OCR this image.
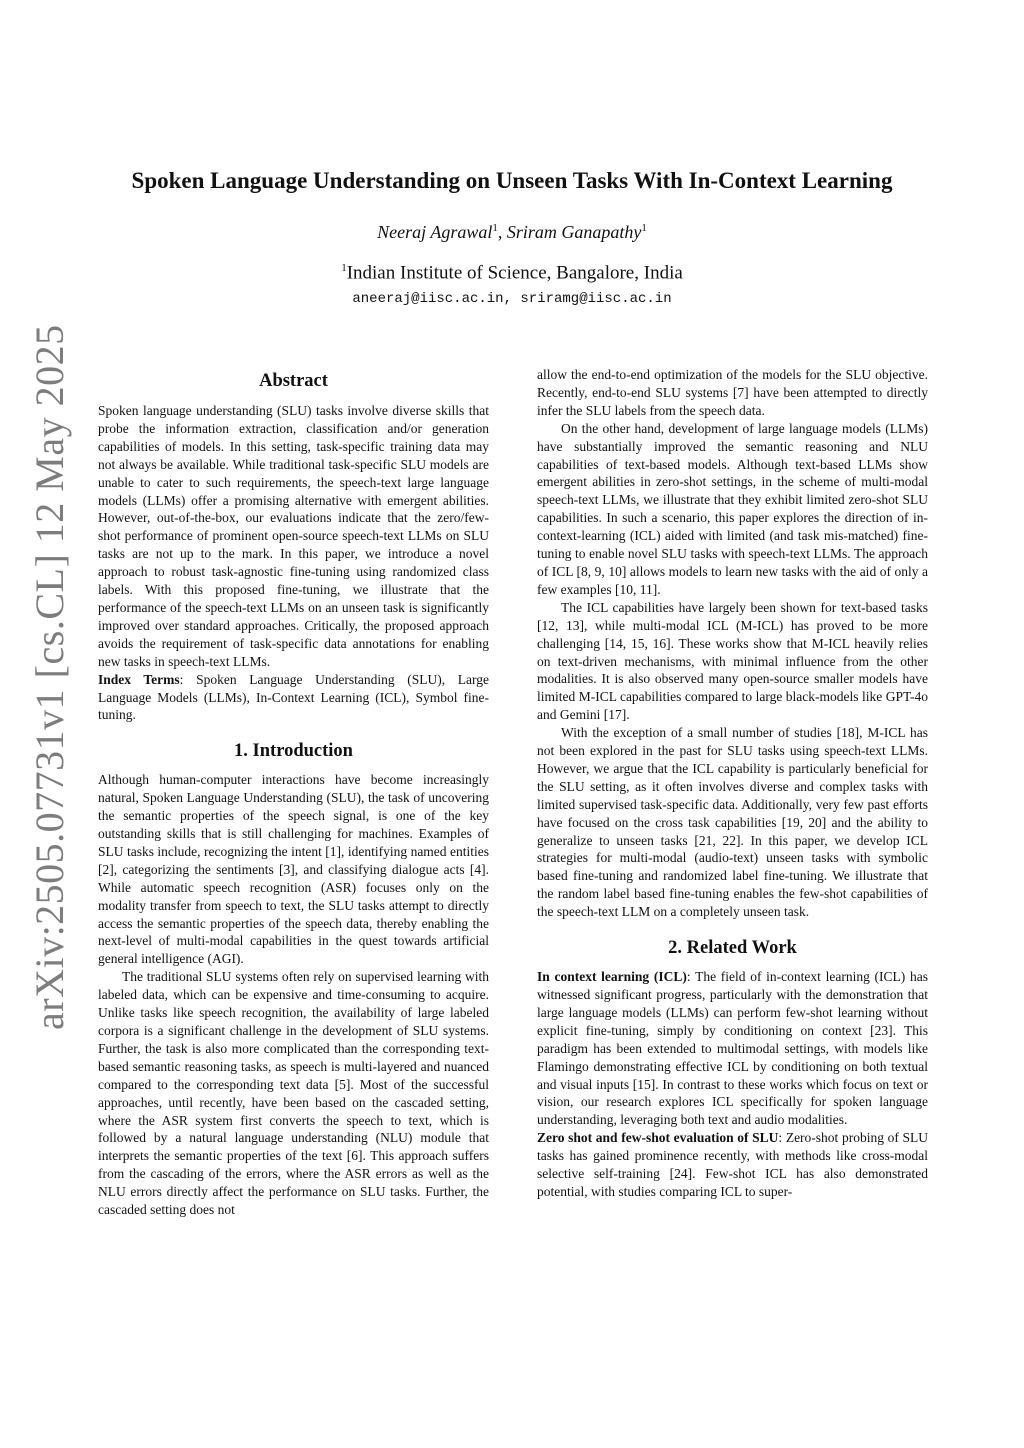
arXiv:2505.07731v1 [cs.CL] 12 May 2025
Spoken Language Understanding on Unseen Tasks With In-Context Learning
Neeraj Agrawal$^1$, Sriram Ganapathy$^1$
$^1$Indian Institute of Science, Bangalore, India
aneeraj@iisc.ac.in, sriramg@iisc.ac.in
Abstract

Spoken language understanding (SLU) tasks involve diverse skills that probe the information extraction, classification and/or generation capabilities of models. In this setting, task-specific training data may not always be available. While traditional task-specific SLU models are unable to cater to such requirements, the speech-text large language models (LLMs) offer a promising alternative with emergent abilities. However, out-of-the-box, our evaluations indicate that the zero/few-shot performance of prominent open-source speech-text LLMs on SLU tasks are not up to the mark. In this paper, we introduce a novel approach to robust task-agnostic fine-tuning using randomized class labels. With this proposed fine-tuning, we illustrate that the performance of the speech-text LLMs on an unseen task is significantly improved over standard approaches. Critically, the proposed approach avoids the requirement of task-specific data annotations for enabling new tasks in speech-text LLMs.

Index Terms: Spoken Language Understanding (SLU), Large Language Models (LLMs), In-Context Learning (ICL), Symbol fine-tuning.

1. Introduction

Although human-computer interactions have become increasingly natural, Spoken Language Understanding (SLU), the task of uncovering the semantic properties of the speech signal, is one of the key outstanding skills that is still challenging for machines. Examples of SLU tasks include, recognizing the intent [1], identifying named entities [2], categorizing the sentiments [3], and classifying dialogue acts [4]. While automatic speech recognition (ASR) focuses only on the modality transfer from speech to text, the SLU tasks attempt to directly access the semantic properties of the speech data, thereby enabling the next-level of multi-modal capabilities in the quest towards artificial general intelligence (AGI).

The traditional SLU systems often rely on supervised learning with labeled data, which can be expensive and time-consuming to acquire. Unlike tasks like speech recognition, the availability of large labeled corpora is a significant challenge in the development of SLU systems. Further, the task is also more complicated than the corresponding text-based semantic reasoning tasks, as speech is multi-layered and nuanced compared to the corresponding text data [5]. Most of the successful approaches, until recently, have been based on the cascaded setting, where the ASR system first converts the speech to text, which is followed by a natural language understanding (NLU) module that interprets the semantic properties of the text [6]. This approach suffers from the cascading of the errors, where the ASR errors as well as the NLU errors directly affect the performance on SLU tasks. Further, the cascaded setting does not

allow the end-to-end optimization of the models for the SLU objective. Recently, end-to-end SLU systems [7] have been attempted to directly infer the SLU labels from the speech data.

On the other hand, development of large language models (LLMs) have substantially improved the semantic reasoning and NLU capabilities of text-based models. Although text-based LLMs show emergent abilities in zero-shot settings, in the scheme of multi-modal speech-text LLMs, we illustrate that they exhibit limited zero-shot SLU capabilities. In such a scenario, this paper explores the direction of in-context-learning (ICL) aided with limited (and task mis-matched) fine-tuning to enable novel SLU tasks with speech-text LLMs. The approach of ICL [8, 9, 10] allows models to learn new tasks with the aid of only a few examples [10, 11].

The ICL capabilities have largely been shown for text-based tasks [12, 13], while multi-modal ICL (M-ICL) has proved to be more challenging [14, 15, 16]. These works show that M-ICL heavily relies on text-driven mechanisms, with minimal influence from the other modalities. It is also observed many open-source smaller models have limited M-ICL capabilities compared to large black-models like GPT-4o and Gemini [17].

With the exception of a small number of studies [18], M-ICL has not been explored in the past for SLU tasks using speech-text LLMs. However, we argue that the ICL capability is particularly beneficial for the SLU setting, as it often involves diverse and complex tasks with limited supervised task-specific data. Additionally, very few past efforts have focused on the cross task capabilities [19, 20] and the ability to generalize to unseen tasks [21, 22]. In this paper, we develop ICL strategies for multi-modal (audio-text) unseen tasks with symbolic based fine-tuning and randomized label fine-tuning. We illustrate that the random label based fine-tuning enables the few-shot capabilities of the speech-text LLM on a completely unseen task.

2. Related Work

In context learning (ICL): The field of in-context learning (ICL) has witnessed significant progress, particularly with the demonstration that large language models (LLMs) can perform few-shot learning without explicit fine-tuning, simply by conditioning on context [23]. This paradigm has been extended to multimodal settings, with models like Flamingo demonstrating effective ICL by conditioning on both textual and visual inputs [15]. In contrast to these works which focus on text or vision, our research explores ICL specifically for spoken language understanding, leveraging both text and audio modalities.

Zero shot and few-shot evaluation of SLU: Zero-shot probing of SLU tasks has gained prominence recently, with methods like cross-modal selective self-training [24]. Few-shot ICL has also demonstrated potential, with studies comparing ICL to super-
